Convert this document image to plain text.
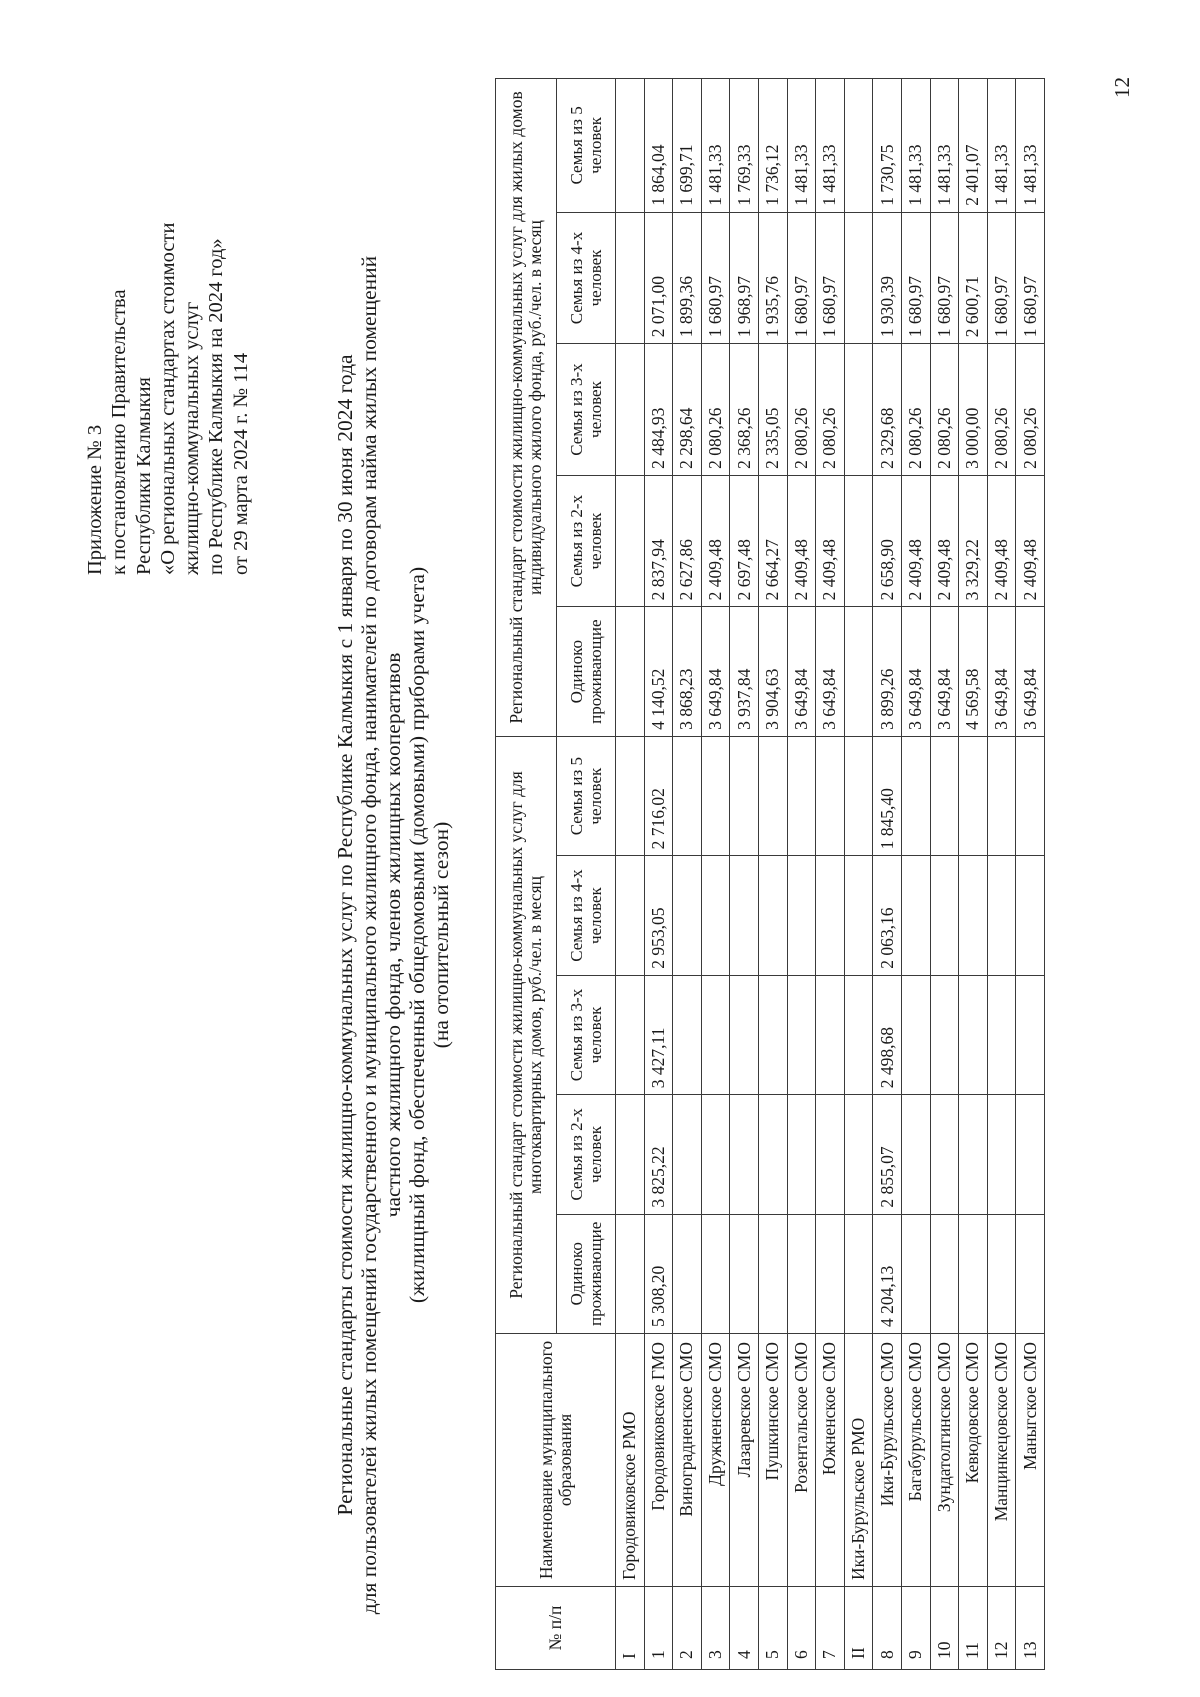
Приложение № 3 к постановлению Правительства Республики Калмыкия «О региональных стандартах стоимости жилищно-коммунальных услуг по Республике Калмыкия на 2024 год» от 29 марта 2024 г. № 114	Региональные стандарты стоимости жилищно-коммунальных услуг по Республике Калмыкия с 1 января по 30 июня 2024 года для пользователей жилых помещений государственного и муниципального жилищного фонда, нанимателей по договорам найма жилых помещений частного жилищного фонда, членов жилищных кооперативов (жилищный фонд, обеспеченный общедомовыми (домовыми) приборами учета) (на отопительный сезон)
№ п/п	Наименование муниципального образования	Региональный стандарт стоимости жилищно-коммунальных услуг для многоквартирных домов, руб./чел. в месяц					Региональный стандарт стоимости жилищно-коммунальных услуг для жилых домов индивидуального жилого фонда, руб./чел. в месяц				
		Одиноко проживающие	Семья из 2-х человек	Семья из 3-х человек	Семья из 4-х человек	Семья из 5 человек	Одиноко проживающие	Семья из 2-х человек	Семья из 3-х человек	Семья из 4-х человек	Семья из 5 человек
I	Городовиковское РМО										
1	Городовиковское ГМО	5 308,20	3 825,22	3 427,11	2 953,05	2 716,02	4 140,52	2 837,94	2 484,93	2 071,00	1 864,04
2	Виноградненское СМО						3 868,23	2 627,86	2 298,64	1 899,36	1 699,71
3	Дружненское СМО						3 649,84	2 409,48	2 080,26	1 680,97	1 481,33
4	Лазаревское СМО						3 937,84	2 697,48	2 368,26	1 968,97	1 769,33
5	Пушкинское СМО						3 904,63	2 664,27	2 335,05	1 935,76	1 736,12
6	Розентальское СМО						3 649,84	2 409,48	2 080,26	1 680,97	1 481,33
7	Южненское СМО						3 649,84	2 409,48	2 080,26	1 680,97	1 481,33
II	Ики-Бурульское РМО										
8	Ики-Бурульское СМО	4 204,13	2 855,07	2 498,68	2 063,16	1 845,40	3 899,26	2 658,90	2 329,68	1 930,39	1 730,75
9	Багабурульское СМО						3 649,84	2 409,48	2 080,26	1 680,97	1 481,33
10	Зундатолгинское СМО						3 649,84	2 409,48	2 080,26	1 680,97	1 481,33
11	Кевюдовское СМО						4 569,58	3 329,22	3 000,00	2 600,71	2 401,07
12	Манцинкецовское СМО						3 649,84	2 409,48	2 080,26	1 680,97	1 481,33
13	Маныгское СМО						3 649,84	2 409,48	2 080,26	1 680,97	1 481,33
12
